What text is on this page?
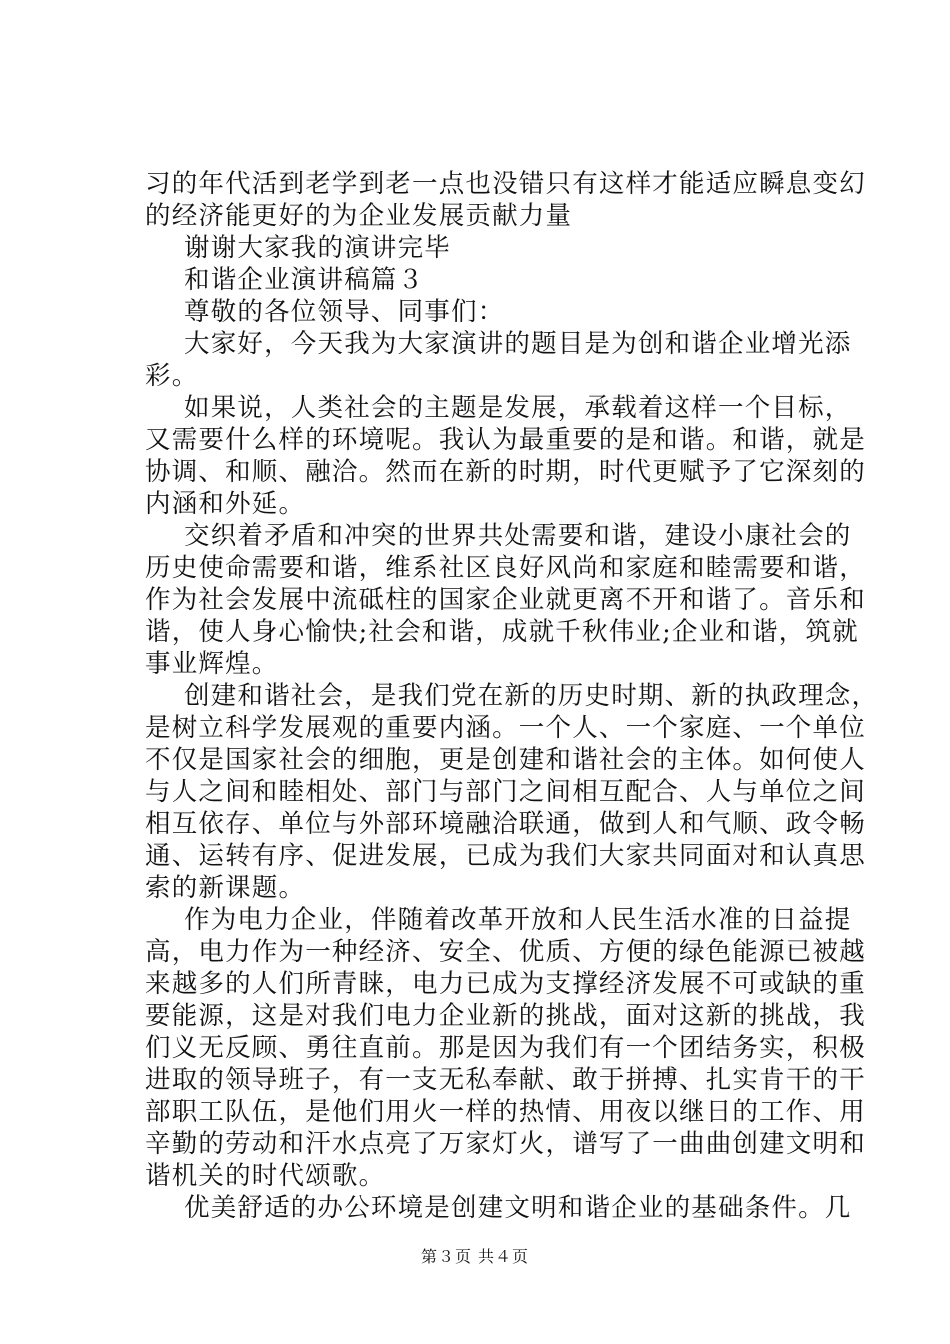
习的年代活到老学到老一点也没错只有这样才能适应瞬息变幻
的经济能更好的为企业发展贡献力量
谢谢大家我的演讲完毕
和谐企业演讲稿篇３
尊敬的各位领导、同事们：
大家好，今天我为大家演讲的题目是为创和谐企业增光添
彩。
如果说，人类社会的主题是发展，承载着这样一个目标，
又需要什么样的环境呢。我认为最重要的是和谐。和谐，就是
协调、和顺、融洽。然而在新的时期，时代更赋予了它深刻的
内涵和外延。
交织着矛盾和冲突的世界共处需要和谐，建设小康社会的
历史使命需要和谐，维系社区良好风尚和家庭和睦需要和谐，
作为社会发展中流砥柱的国家企业就更离不开和谐了。音乐和
谐，使人身心愉快;社会和谐，成就千秋伟业;企业和谐，筑就
事业辉煌。
创建和谐社会，是我们党在新的历史时期、新的执政理念，
是树立科学发展观的重要内涵。一个人、一个家庭、一个单位
不仅是国家社会的细胞，更是创建和谐社会的主体。如何使人
与人之间和睦相处、部门与部门之间相互配合、人与单位之间
相互依存、单位与外部环境融洽联通，做到人和气顺、政令畅
通、运转有序、促进发展，已成为我们大家共同面对和认真思
索的新课题。
作为电力企业，伴随着改革开放和人民生活水准的日益提
高，电力作为一种经济、安全、优质、方便的绿色能源已被越
来越多的人们所青睐，电力已成为支撑经济发展不可或缺的重
要能源，这是对我们电力企业新的挑战，面对这新的挑战，我
们义无反顾、勇往直前。那是因为我们有一个团结务实，积极
进取的领导班子，有一支无私奉献、敢于拼搏、扎实肯干的干
部职工队伍，是他们用火一样的热情、用夜以继日的工作、用
辛勤的劳动和汗水点亮了万家灯火，谱写了一曲曲创建文明和
谐机关的时代颂歌。
优美舒适的办公环境是创建文明和谐企业的基础条件。几
第３页 共４页
